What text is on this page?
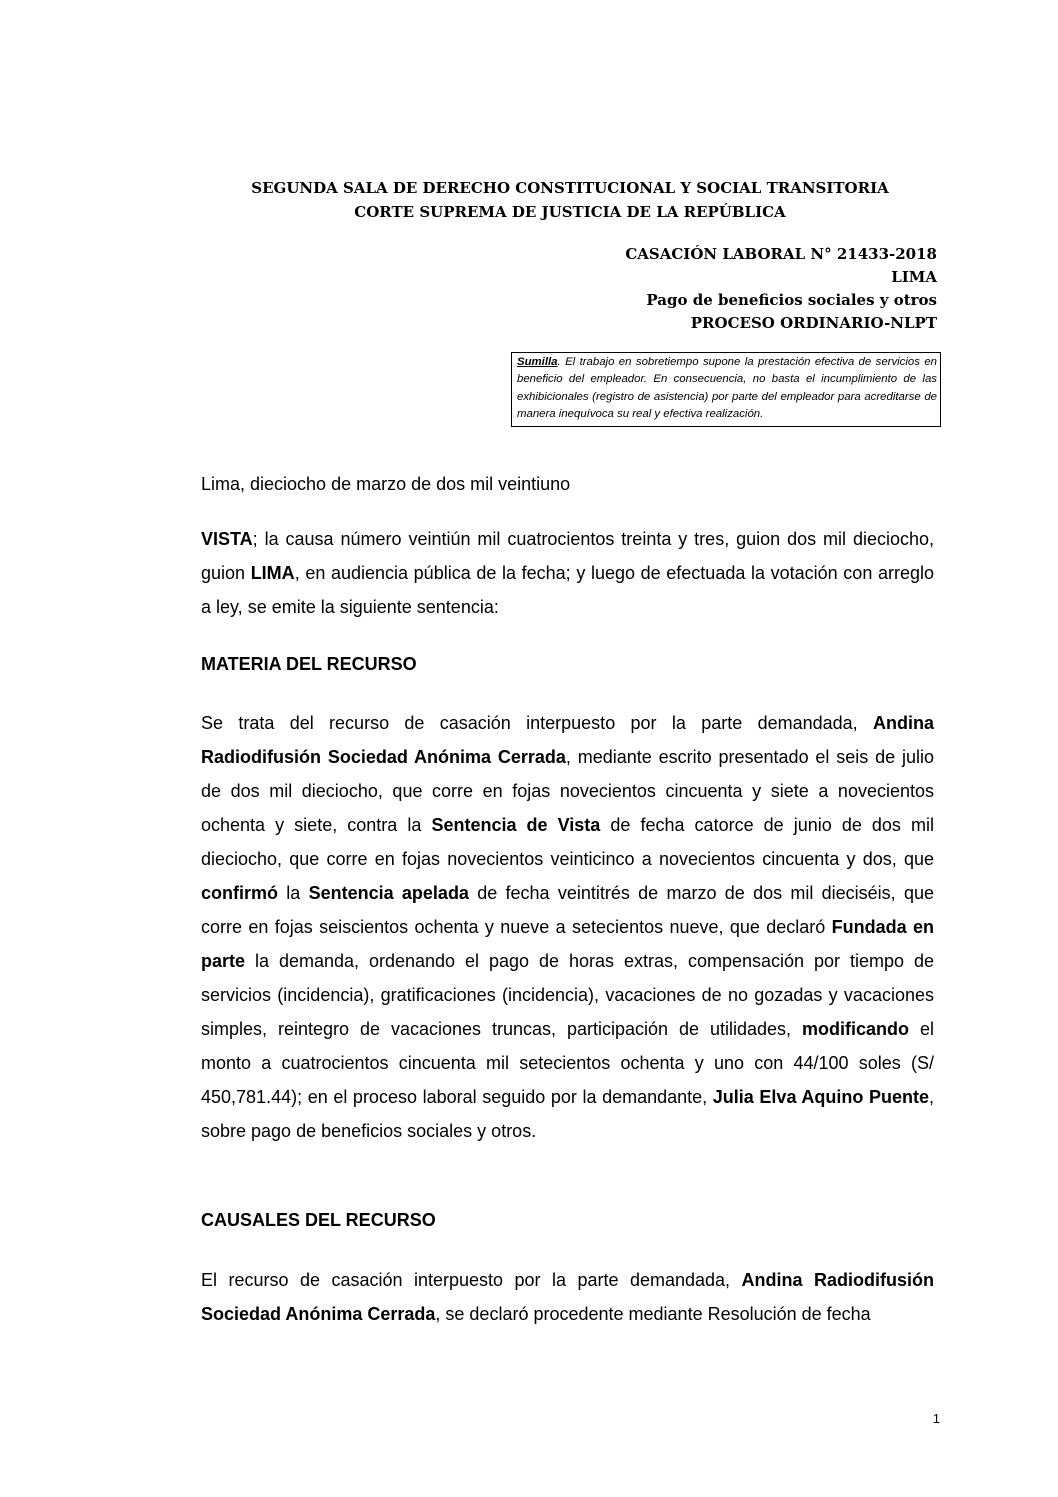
SEGUNDA SALA DE DERECHO CONSTITUCIONAL Y SOCIAL TRANSITORIA
CORTE SUPREMA DE JUSTICIA DE LA REPÚBLICA
CASACIÓN LABORAL N° 21433-2018
LIMA
Pago de beneficios sociales y otros
PROCESO ORDINARIO-NLPT
Sumilla. El trabajo en sobretiempo supone la prestación efectiva de servicios en beneficio del empleador. En consecuencia, no basta el incumplimiento de las exhibicionales (registro de asistencia) por parte del empleador para acreditarse de manera inequívoca su real y efectiva realización.
Lima, dieciocho de marzo de dos mil veintiuno
VISTA; la causa número veintiún mil cuatrocientos treinta y tres, guion dos mil dieciocho, guion LIMA, en audiencia pública de la fecha; y luego de efectuada la votación con arreglo a ley, se emite la siguiente sentencia:
MATERIA DEL RECURSO
Se trata del recurso de casación interpuesto por la parte demandada, Andina Radiodifusión Sociedad Anónima Cerrada, mediante escrito presentado el seis de julio de dos mil dieciocho, que corre en fojas novecientos cincuenta y siete a novecientos ochenta y siete, contra la Sentencia de Vista de fecha catorce de junio de dos mil dieciocho, que corre en fojas novecientos veinticinco a novecientos cincuenta y dos, que confirmó la Sentencia apelada de fecha veintitrés de marzo de dos mil dieciséis, que corre en fojas seiscientos ochenta y nueve a setecientos nueve, que declaró Fundada en parte la demanda, ordenando el pago de horas extras, compensación por tiempo de servicios (incidencia), gratificaciones (incidencia), vacaciones de no gozadas y vacaciones simples, reintegro de vacaciones truncas, participación de utilidades, modificando el monto a cuatrocientos cincuenta mil setecientos ochenta y uno con 44/100 soles (S/ 450,781.44); en el proceso laboral seguido por la demandante, Julia Elva Aquino Puente, sobre pago de beneficios sociales y otros.
CAUSALES DEL RECURSO
El recurso de casación interpuesto por la parte demandada, Andina Radiodifusión Sociedad Anónima Cerrada, se declaró procedente mediante Resolución de fecha
1
